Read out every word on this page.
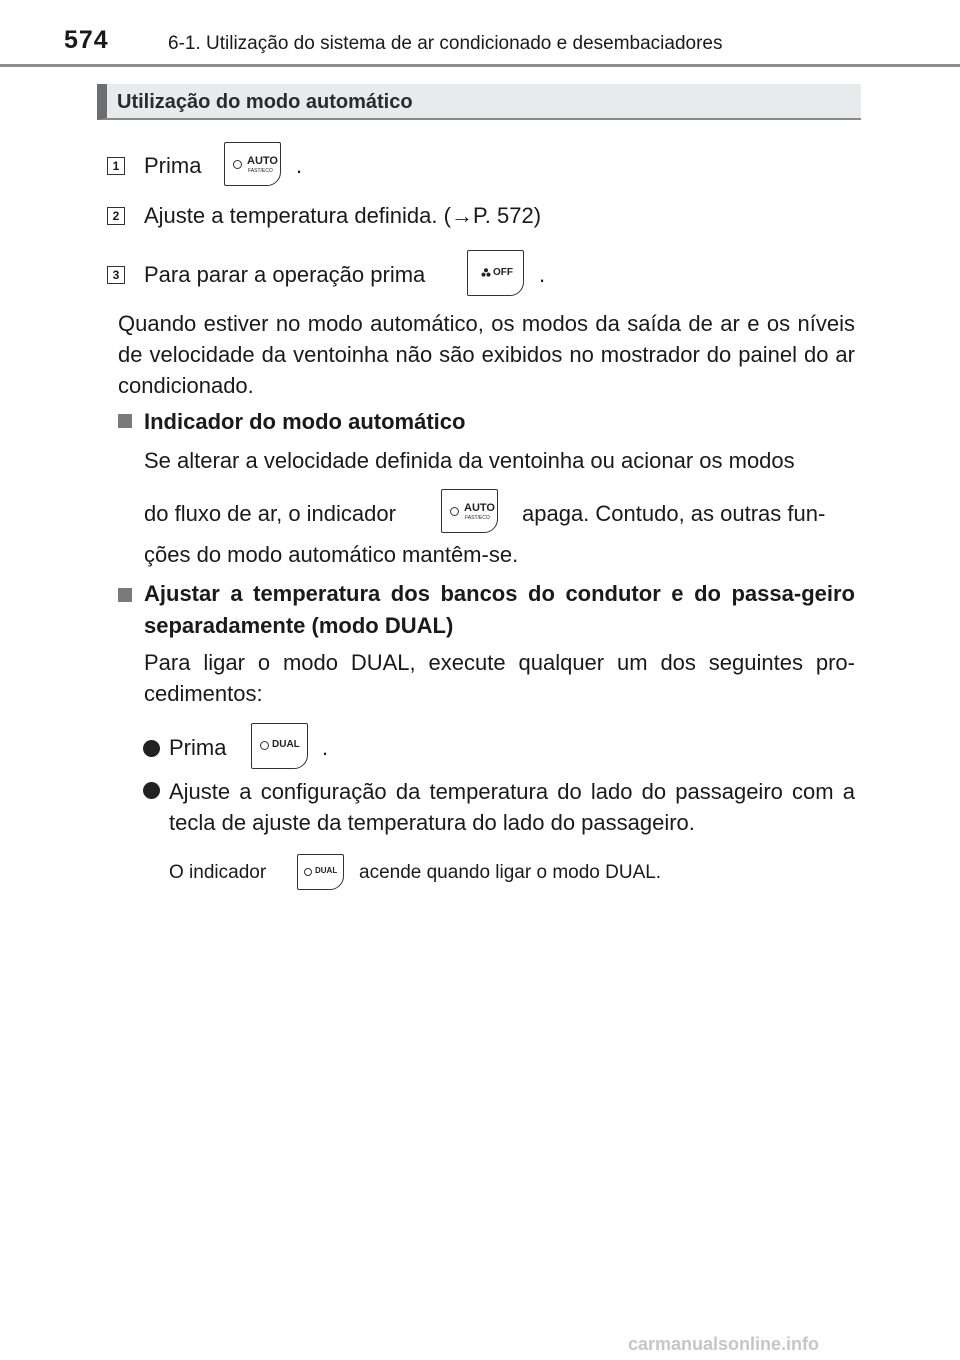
574	6-1. Utilização do sistema de ar condicionado e desembaciadores
Utilização do modo automático
1 Prima	AUTO
FAST/ECO .
2 Ajuste a temperatura definida. (→P. 572)
3 Para parar a operação prima	OFF .
Quando estiver no modo automático, os modos da saída de ar e os níveis de velocidade da ventoinha não são exibidos no mostrador do painel do ar condicionado.
Indicador do modo automático
Se alterar a velocidade definida da ventoinha ou acionar os modos
do fluxo de ar, o indicador	AUTO
FAST/ECO apaga. Contudo, as outras fun-
ções do modo automático mantêm-se.
Ajustar a temperatura dos bancos do condutor e do passa-geiro separadamente (modo DUAL)
Para ligar o modo DUAL, execute qualquer um dos seguintes pro-cedimentos:
Prima	DUAL .
Ajuste a configuração da temperatura do lado do passageiro com a tecla de ajuste da temperatura do lado do passageiro.
O indicador	DUAL acende quando ligar o modo DUAL.
carmanualsonline.info
